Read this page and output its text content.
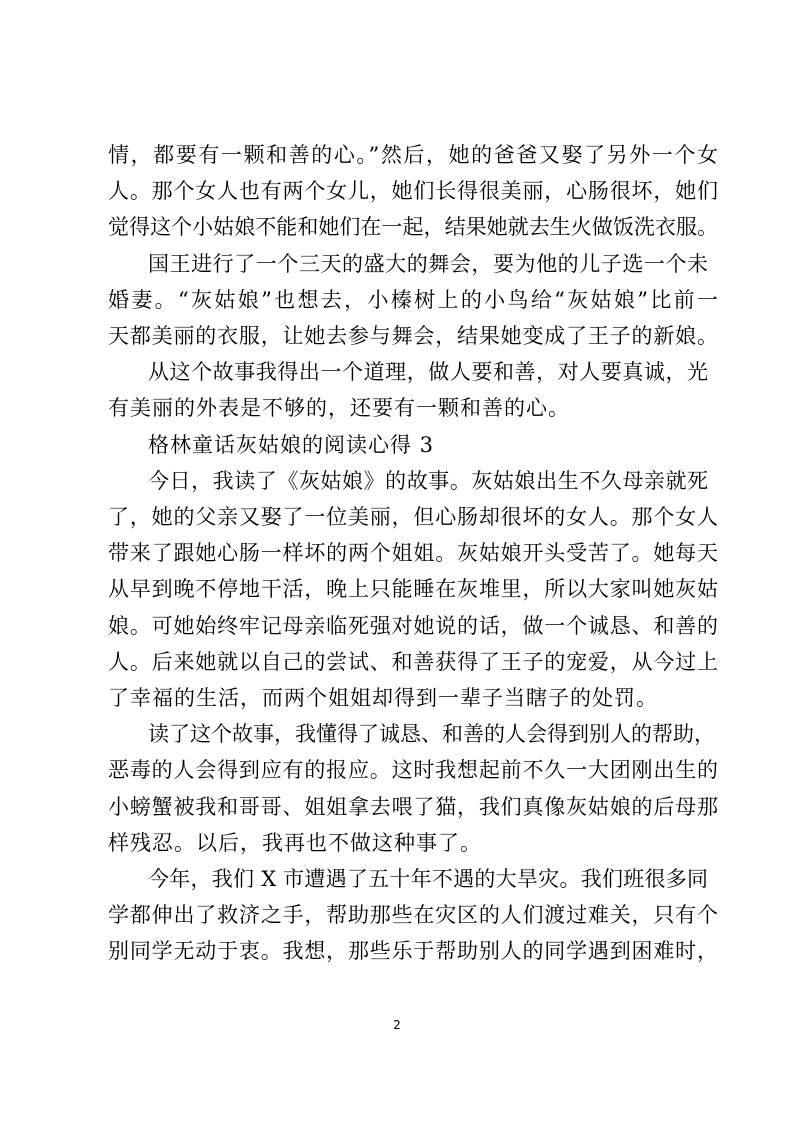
情，都要有一颗和善的心。”然后，她的爸爸又娶了另外一个女
人。那个女人也有两个女儿，她们长得很美丽，心肠很坏，她们
觉得这个小姑娘不能和她们在一起，结果她就去生火做饭洗衣服。
国王进行了一个三天的盛大的舞会，要为他的儿子选一个未
婚妻。“灰姑娘”也想去，小榛树上的小鸟给“灰姑娘”比前一
天都美丽的衣服，让她去参与舞会，结果她变成了王子的新娘。
从这个故事我得出一个道理，做人要和善，对人要真诚，光
有美丽的外表是不够的，还要有一颗和善的心。
格林童话灰姑娘的阅读心得 3
今日，我读了《灰姑娘》的故事。灰姑娘出生不久母亲就死
了，她的父亲又娶了一位美丽，但心肠却很坏的女人。那个女人
带来了跟她心肠一样坏的两个姐姐。灰姑娘开头受苦了。她每天
从早到晚不停地干活，晚上只能睡在灰堆里，所以大家叫她灰姑
娘。可她始终牢记母亲临死强对她说的话，做一个诚恳、和善的
人。后来她就以自己的尝试、和善获得了王子的宠爱，从今过上
了幸福的生活，而两个姐姐却得到一辈子当瞎子的处罚。
读了这个故事，我懂得了诚恳、和善的人会得到别人的帮助，
恶毒的人会得到应有的报应。这时我想起前不久一大团刚出生的
小螃蟹被我和哥哥、姐姐拿去喂了猫，我们真像灰姑娘的后母那
样残忍。以后，我再也不做这种事了。
2
今年，我们 X 市遭遇了五十年不遇的大旱灾。我们班很多同
学都伸出了救济之手，帮助那些在灾区的人们渡过难关，只有个
别同学无动于衷。我想，那些乐于帮助别人的同学遇到困难时，
